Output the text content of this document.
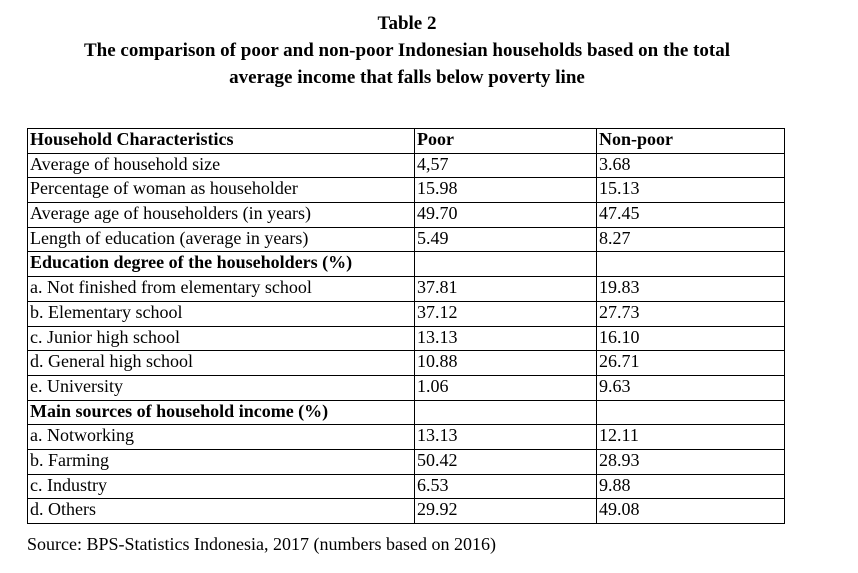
Table 2
The comparison of poor and non-poor Indonesian households based on the total
average income that falls below poverty line
Household Characteristics	Poor	Non-poor
Average of household size	4,57	3.68
Percentage of woman as householder	15.98	15.13
Average age of householders (in years)	49.70	47.45
Length of education (average in years)	5.49	8.27
Education degree of the householders (%)		
a. Not finished from elementary school	37.81	19.83
b. Elementary school	37.12	27.73
c. Junior high school	13.13	16.10
d. General high school	10.88	26.71
e. University	1.06	9.63
Main sources of household income (%)		
a. Notworking	13.13	12.11
b. Farming	50.42	28.93
c. Industry	6.53	9.88
d. Others	29.92	49.08
Source: BPS-Statistics Indonesia, 2017 (numbers based on 2016)
